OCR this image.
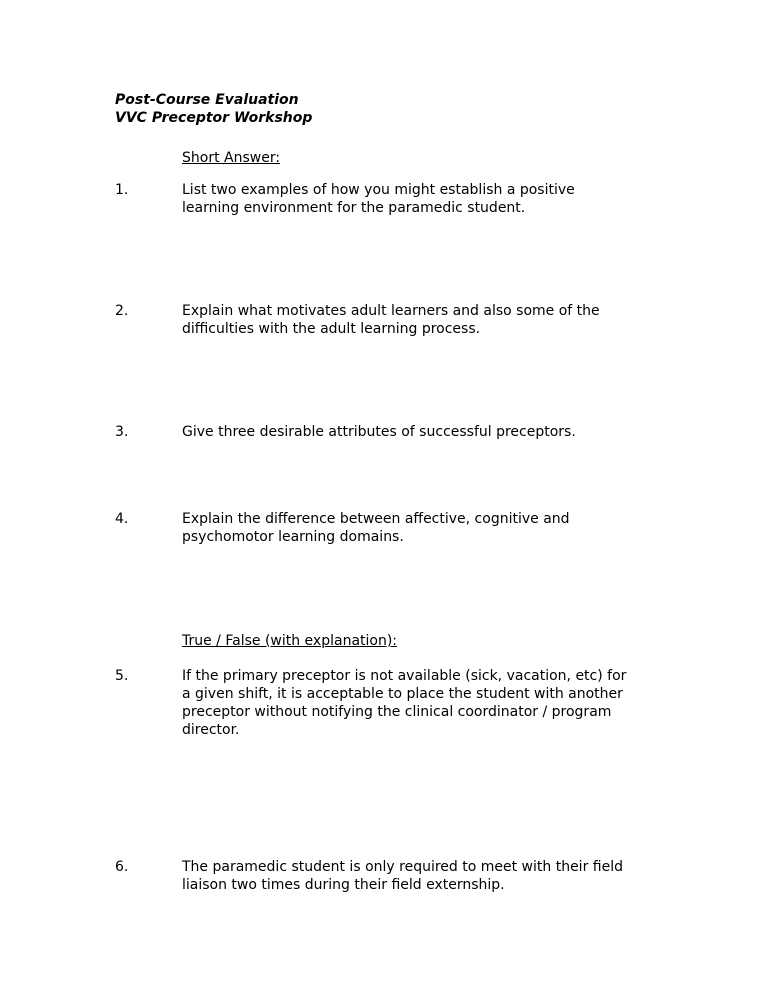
Post-Course Evaluation
VVC Preceptor Workshop
Short Answer:
1.	List two examples of how you might establish a positive learning environment for the paramedic student.
2.	Explain what motivates adult learners and also some of the difficulties with the adult learning process.
3.	Give three desirable attributes of successful preceptors.
4.	Explain the difference between affective, cognitive and psychomotor learning domains.
True / False (with explanation):
5.	If the primary preceptor is not available (sick, vacation, etc) for a given shift, it is acceptable to place the student with another preceptor without notifying the clinical coordinator / program director.
6.	The paramedic student is only required to meet with their field liaison two times during their field externship.
